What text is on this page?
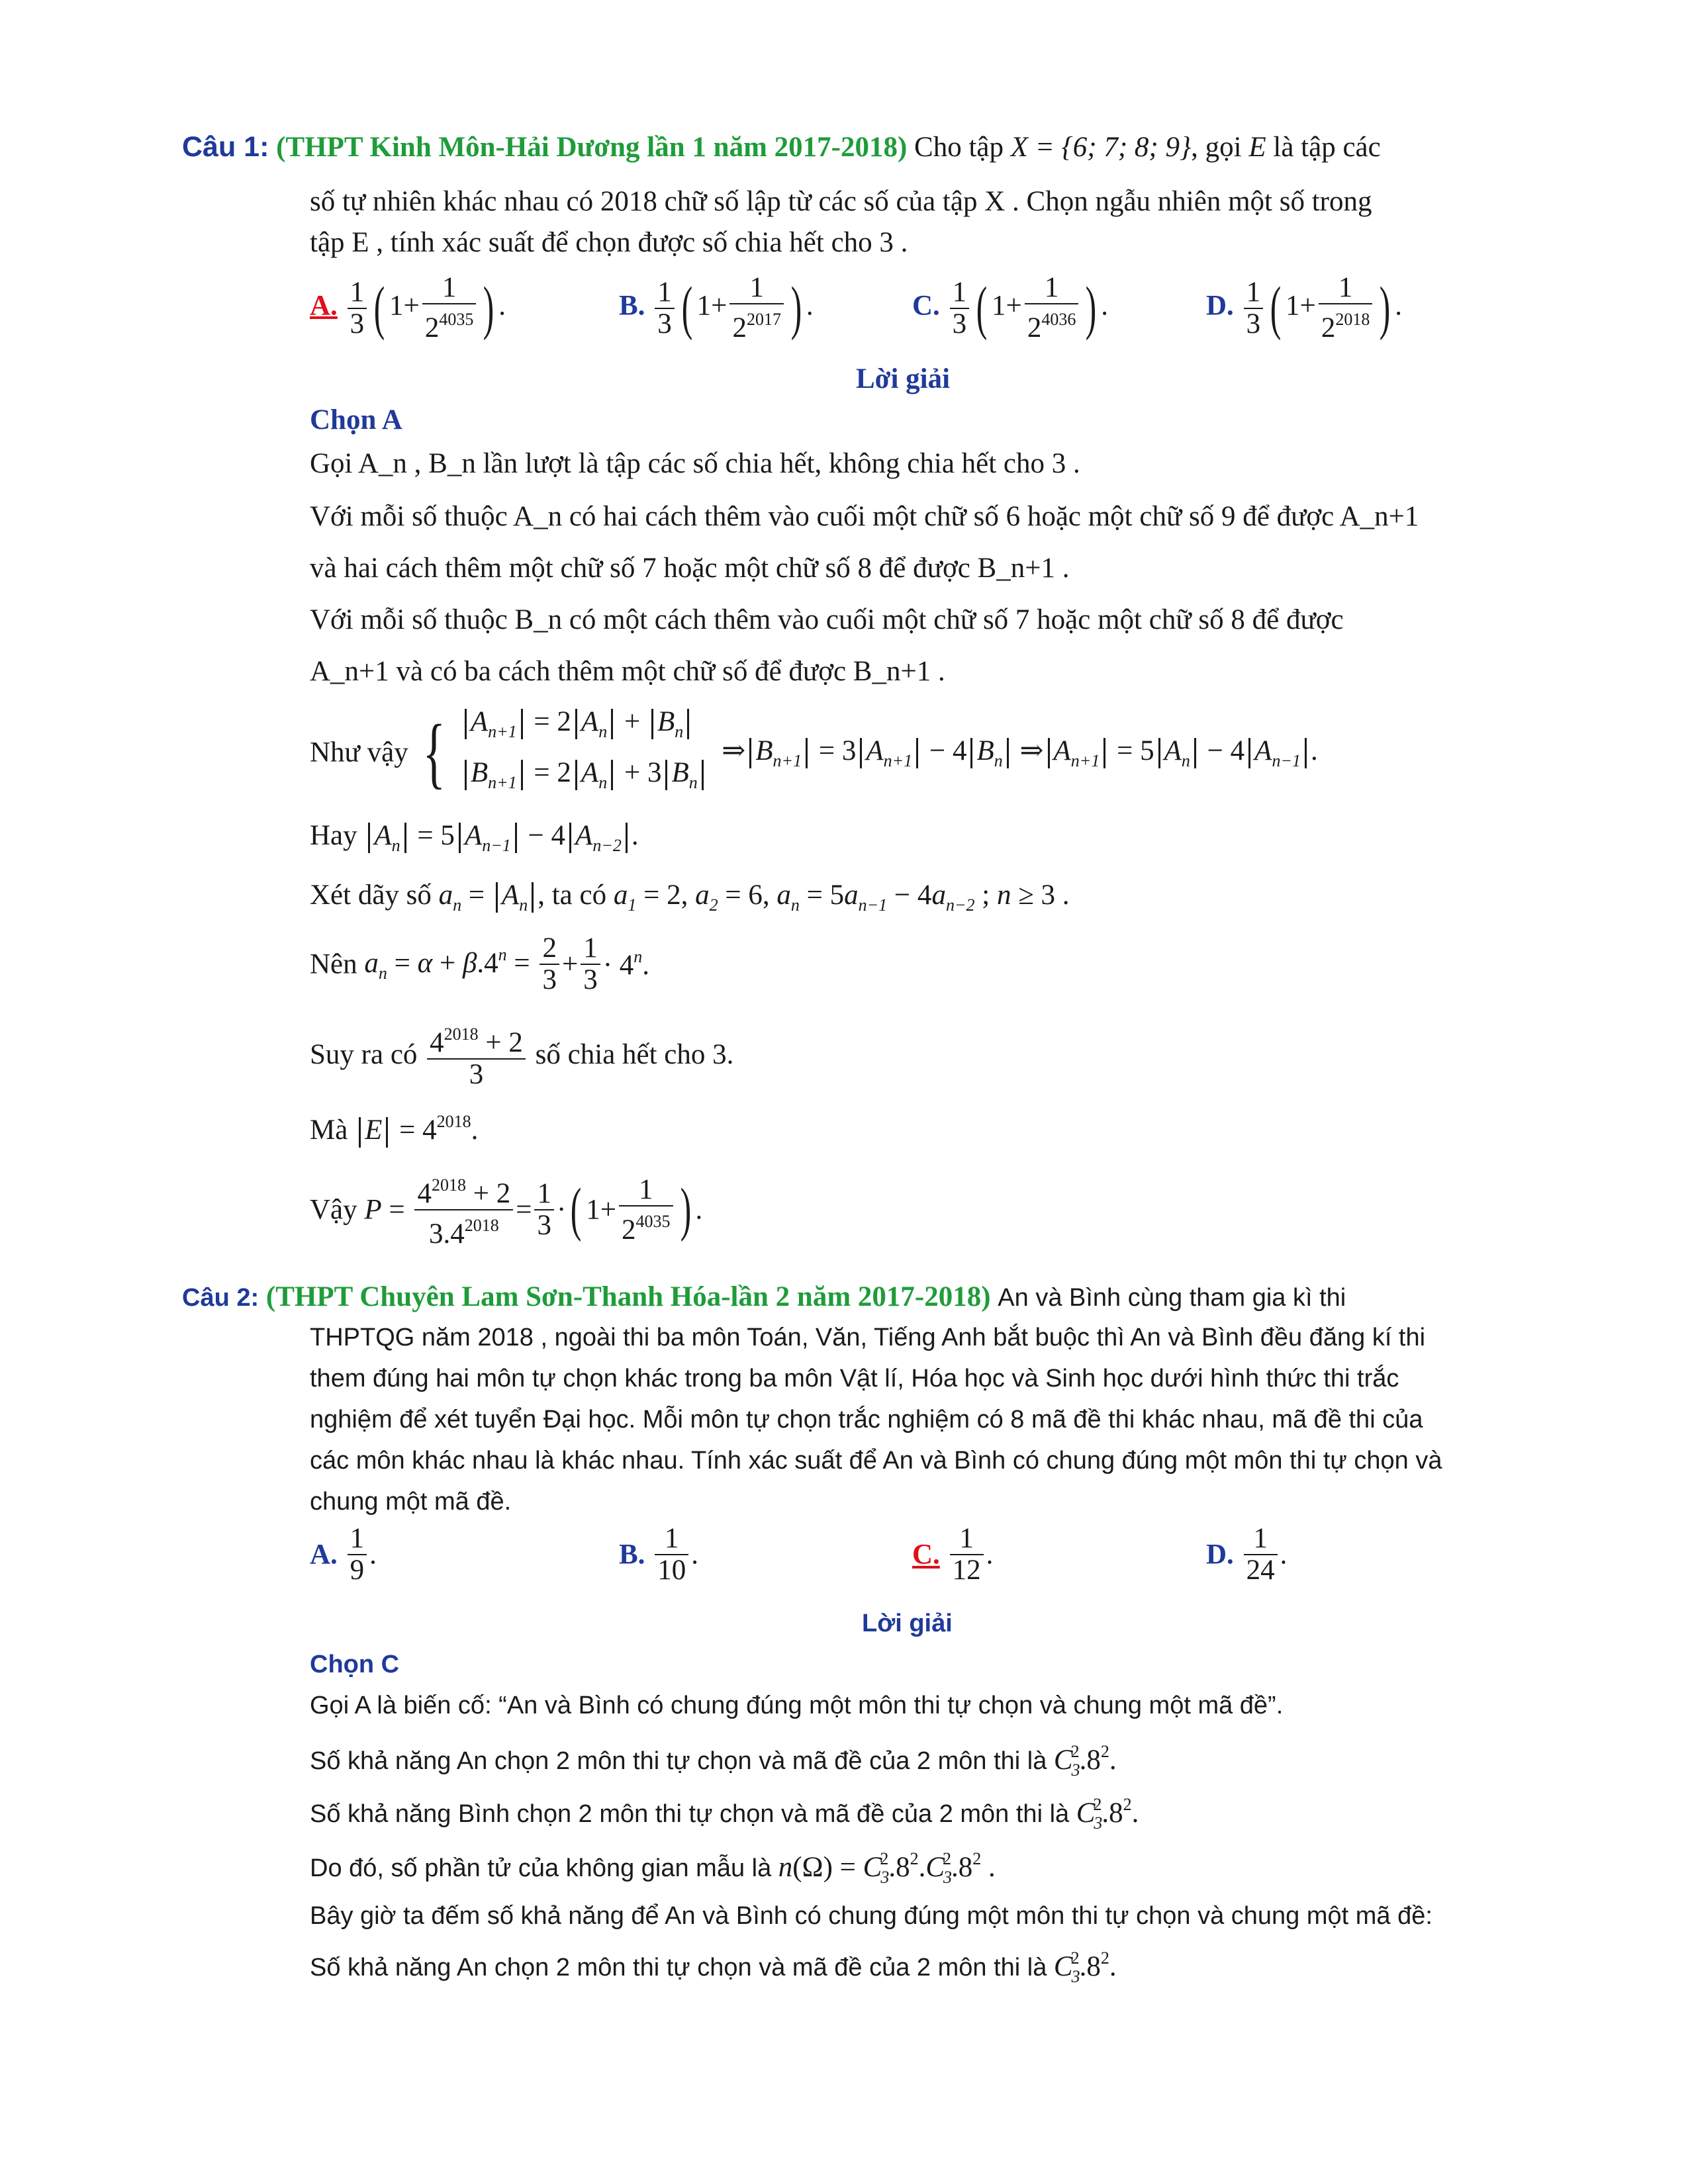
Câu 1: (THPT Kinh Môn-Hải Dương lần 1 năm 2017-2018) Cho tập X = {6; 7; 8; 9}, gọi E là tập các
số tự nhiên khác nhau có 2018 chữ số lập từ các số của tập X . Chọn ngẫu nhiên một số trong
tập E , tính xác suất để chọn được số chia hết cho 3 .
A. $\frac{1}{3}$ ( $1+ \frac{1}{2^{4035}}$ ) .	B. $\frac{1}{3}$ ( $1+ \frac{1}{2^{2017}}$ ) .	C. $\frac{1}{3}$ ( $1+ \frac{1}{2^{4036}}$ ) .	D. $\frac{1}{3}$ ( $1+ \frac{1}{2^{2018}}$ ) .
Lời giải
Chọn A
Gọi A_n , B_n lần lượt là tập các số chia hết, không chia hết cho 3 .
Với mỗi số thuộc A_n có hai cách thêm vào cuối một chữ số 6 hoặc một chữ số 9 để được A_n+1
và hai cách thêm một chữ số 7 hoặc một chữ số 8 để được B_n+1 .
Với mỗi số thuộc B_n có một cách thêm vào cuối một chữ số 7 hoặc một chữ số 8 để được
A_n+1 và có ba cách thêm một chữ số để được B_n+1 .
Như vậy { $A_{n+1} = 2$ $A_n + B_n$
$B_{n+1} = 2$ $A_n + 3$ $B_n$
⇒ $B_{n+1} = 3$ $A_{n+1} - 4$ $B_n$ ⇒ $A_{n+1} = 5$ $A_n - 4$ $A_{n-1}$ .
Hay $A_n = 5$ $A_{n-1} - 4$ $A_{n-2}$ .
Xét dãy số $a_n = A_n$ , ta có $a_1 = 2$, $a_2 = 6$, $a_n = 5a_{n-1} - 4a_{n-2}$ ; n ≥ 3 .
Nên $a_n = \alpha + \beta.4^n = \frac{2}{3} + \frac{1}{3} \cdot 4^n$.
Suy ra có $\frac{4^{2018} + 2}{3}$ số chia hết cho 3.
Mà $E = 4^{2018}$.
Vậy $P = \frac{4^{2018} + 2}{3.4^{2018}} = \frac{1}{3}$ ·( $1+ \frac{1}{2^{4035}}$ ) .
Câu 2: (THPT Chuyên Lam Sơn-Thanh Hóa-lần 2 năm 2017-2018) An và Bình cùng tham gia kì thi
THPTQG năm 2018 , ngoài thi ba môn Toán, Văn, Tiếng Anh bắt buộc thì An và Bình đều đăng kí thi
them đúng hai môn tự chọn khác trong ba môn Vật lí, Hóa học và Sinh học dưới hình thức thi trắc
nghiệm để xét tuyển Đại học. Mỗi môn tự chọn trắc nghiệm có 8 mã đề thi khác nhau, mã đề thi của
các môn khác nhau là khác nhau. Tính xác suất để An và Bình có chung đúng một môn thi tự chọn và
chung một mã đề.
A. $\frac{1}{9}$ .	B. $\frac{1}{10}$ .	C. $\frac{1}{12}$ .	D. $\frac{1}{24}$ .
Lời giải
Chọn C
Gọi A là biến cố: “An và Bình có chung đúng một môn thi tự chọn và chung một mã đề”.
Số khả năng An chọn 2 môn thi tự chọn và mã đề của 2 môn thi là $C_3^2.8^2$.
Số khả năng Bình chọn 2 môn thi tự chọn và mã đề của 2 môn thi là $C_3^2.8^2$.
Do đó, số phần tử của không gian mẫu là $n(\Omega) = C_3^2.8^2.C_3^2.8^2$ .
Bây giờ ta đếm số khả năng để An và Bình có chung đúng một môn thi tự chọn và chung một mã đề:
Số khả năng An chọn 2 môn thi tự chọn và mã đề của 2 môn thi là $C_3^2.8^2$.
